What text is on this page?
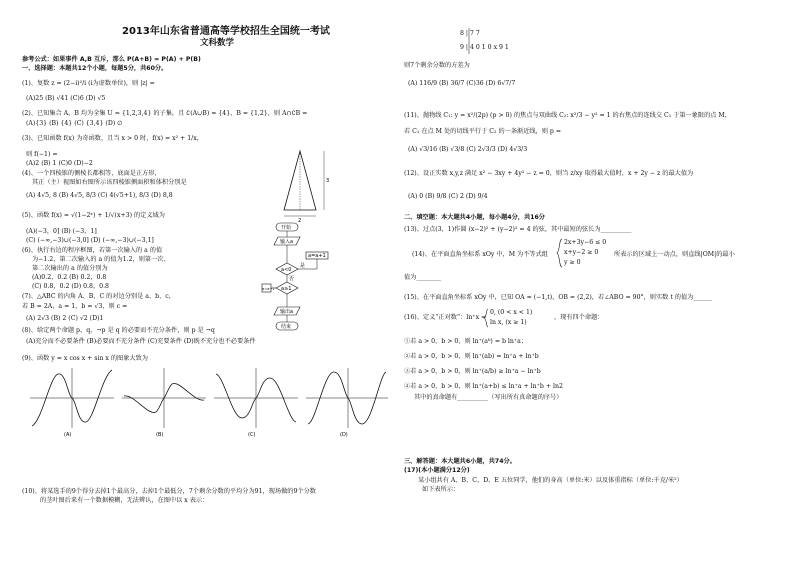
2013年山东省普通高等学校招生全国统一考试
文科数学
参考公式：如果事件 A,B 互斥，那么 P(A+B) = P(A) + P(B)
一、选择题：本题共12个小题，每题5分，共60分。
(1)、复数 z = (2−i)²/i (i为虚数单位)，则 |z| =
(A)25 (B) √41 (C)6 (D) √5
(2)、已知集合 A，B 均为全集 U = {1,2,3,4} 的子集，且 ∁(A∪B) = {4}，B = {1,2}，则 A∩∁B =
(A){3} (B) {4} (C) {3,4} (D) ∅
(3)、已知函数 f(x) 为奇函数，且当 x > 0 时，f(x) = x² + 1/x，
则 f(−1) =
(A)2 (B) 1 (C)0 (D)−2
(4)、一个四棱锥的侧棱长都相等，底面是正方形，
其正（主）视图如右图所示该四棱锥侧面积和体积分别是
(A) 4√5, 8 (B) 4√5, 8/3 (C) 4(√5+1), 8/3 (D) 8,8
(5)、函数 f(x) = √(1−2ˣ) + 1/√(x+3) 的定义域为
(A)(−3，0] (B) (−3，1]
(C) (−∞,−3)∪(−3,0] (D) (−∞,−3)∪(−3,1]
(6)、执行右边的程序框图，若第一次输入的 a 的值
为−1.2，第二次输入的 a 的值为1.2，则第一次、
第二次输出的 a 的值分别为
(A)0.2，0.2 (B) 0.2，0.8
(C) 0.8，0.2 (D) 0.8，0.8
(7)、△ABC 的内角 A、B、C 的对边分别是 a、b、c，
若 B = 2A，a = 1，b = √3，则 c =
(A) 2√3 (B) 2 (C) √2 (D)1
(8)、给定两个命题 p、q，¬p 是 q 的必要而不充分条件，则 p 是 ¬q
(A)充分而不必要条件 (B)必要而不充分条件 (C)充要条件 (D)既不充分也不必要条件
(9)、函数 y = x cos x + sin x 的图象大致为
(10)、将某选手的9个得分去掉1个最高分，去掉1个最低分，7个剩余分数的平均分为91，现场做的9个分数
的茎叶图后来有一个数据模糊，无法辨认，在图中以 x 表示：
3
2
开始
输入a
a<0
a=a+1
是
否
a≥1
a=a−1
输出a
结束
(A)	(B)	(C)	(D)
8 | 7 7
9 | 4 0 1 0 x 9 1
则7个剩余分数的方差为
(A) 116/9 (B) 36/7 (C)36 (D) 6√7/7
(11)、抛物线 C₁: y = x²/(2p) (p > 0) 的焦点与双曲线 C₂: x²/3 − y² = 1 的右焦点的连线交 C₁ 于第一象限的点 M，
若 C₁ 在点 M 处的切线平行于 C₂ 的一条渐近线，则 p =
(A) √3/16 (B) √3/8 (C) 2√3/3 (D) 4√3/3
(12)、设正实数 x,y,z 满足 x² − 3xy + 4y² − z = 0，则当 z/xy 取得最大值时，x + 2y − z 的最大值为
(A) 0 (B) 9/8 (C) 2 (D) 9/4
二、填空题：本大题共4小题，每小题4分，共16分
(13)、过点(3，1)作圆 (x−2)² + (y−2)² = 4 的弦，其中最短的弦长为__________
(14)、在平面直角坐标系 xOy 中，M 为不等式组
2x+3y−6 ≤ 0
x+y−2 ≥ 0
y ≥ 0
所表示的区域上一动点，则直线|OM|的最小
值为________
(15)、在平面直角坐标系 xOy 中，已知 OA = (−1,t)，OB = (2,2)，若∠ABO = 90°，则实数 t 的值为______
(16)、定义“正对数”：ln⁺x =
0, (0 < x < 1)
ln x, (x ≥ 1)
，现有四个命题：
①若 a > 0，b > 0，则 ln⁺(aᵇ) = b ln⁺a；
②若 a > 0，b > 0，则 ln⁺(ab) = ln⁺a + ln⁺b
③若 a > 0，b > 0，则 ln⁺(a/b) ≥ ln⁺a − ln⁺b
④若 a > 0，b > 0，则 ln⁺(a+b) ≤ ln⁺a + ln⁺b + ln2
其中的真命题有__________（写出所有真命题的序号）
三、解答题：本大题共6小题，共74分。
(17)(本小题满分12分)
某小组共有 A、B、C、D、E 五位同学，他们的身高（单位:米）以及体重指标（单位:千克/米²）
如下表所示：
